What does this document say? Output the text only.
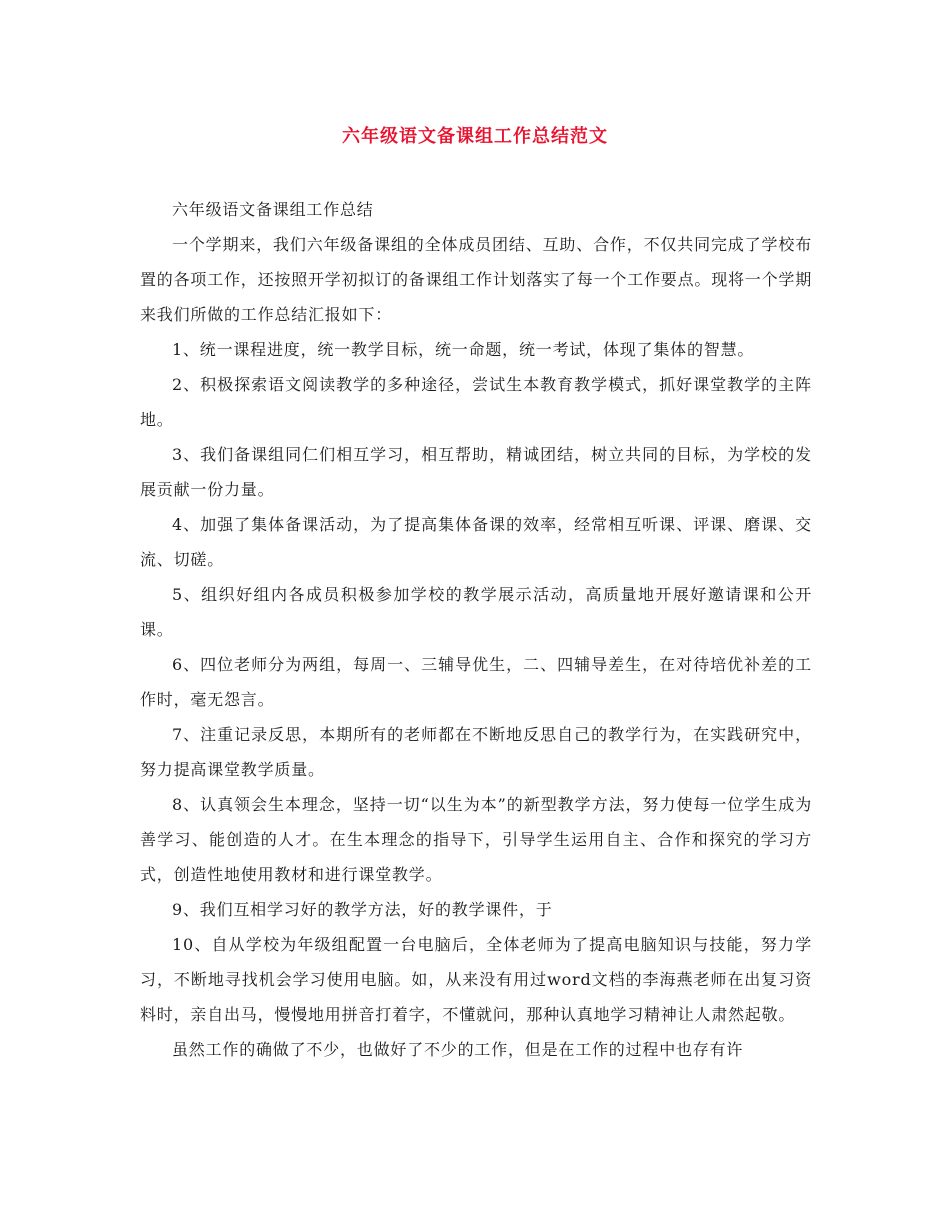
六年级语文备课组工作总结范文

六年级语文备课组工作总结

一个学期来，我们六年级备课组的全体成员团结、互助、合作，不仅共同完成了学校布置的各项工作，还按照开学初拟订的备课组工作计划落实了每一个工作要点。现将一个学期来我们所做的工作总结汇报如下：

1、统一课程进度，统一教学目标，统一命题，统一考试，体现了集体的智慧。

2、积极探索语文阅读教学的多种途径，尝试生本教育教学模式，抓好课堂教学的主阵地。

3、我们备课组同仁们相互学习，相互帮助，精诚团结，树立共同的目标，为学校的发展贡献一份力量。

4、加强了集体备课活动，为了提高集体备课的效率，经常相互听课、评课、磨课、交流、切磋。

5、组织好组内各成员积极参加学校的教学展示活动，高质量地开展好邀请课和公开课。

6、四位老师分为两组，每周一、三辅导优生，二、四辅导差生，在对待培优补差的工作时，毫无怨言。

7、注重记录反思，本期所有的老师都在不断地反思自己的教学行为，在实践研究中，努力提高课堂教学质量。

8、认真领会生本理念，坚持一切“以生为本”的新型教学方法，努力使每一位学生成为善学习、能创造的人才。在生本理念的指导下，引导学生运用自主、合作和探究的学习方式，创造性地使用教材和进行课堂教学。

9、我们互相学习好的教学方法，好的教学课件，于

10、自从学校为年级组配置一台电脑后，全体老师为了提高电脑知识与技能，努力学习，不断地寻找机会学习使用电脑。如，从来没有用过word文档的李海燕老师在出复习资料时，亲自出马，慢慢地用拼音打着字，不懂就问，那种认真地学习精神让人肃然起敬。

虽然工作的确做了不少，也做好了不少的工作，但是在工作的过程中也存有许
